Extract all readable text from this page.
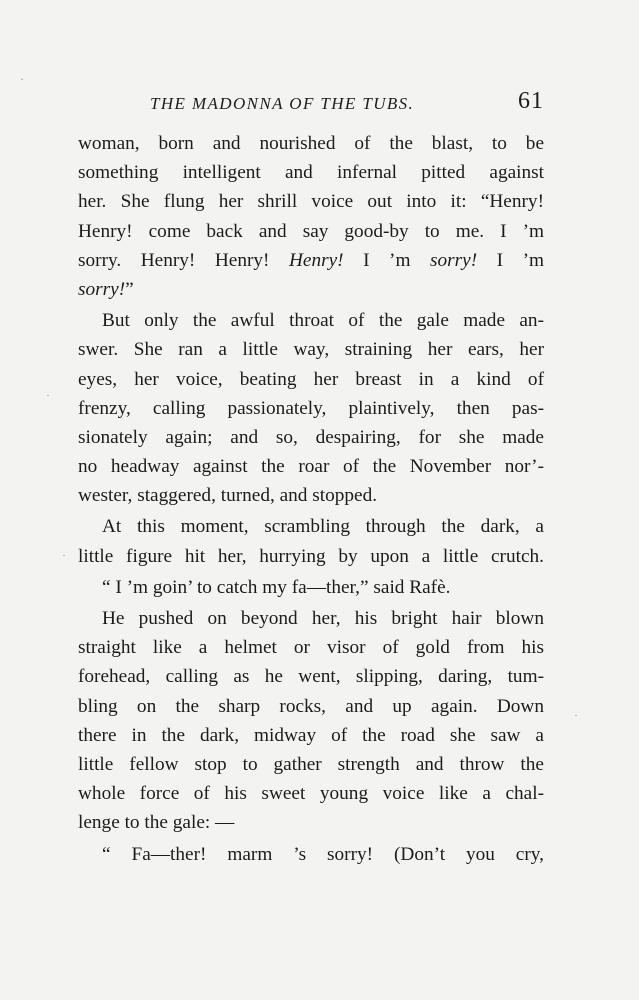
THE MADONNA OF THE TUBS.	61
woman, born and nourished of the blast, to be
something intelligent and infernal pitted against
her. She flung her shrill voice out into it: “Henry!
Henry! come back and say good-by to me. I ’m
sorry. Henry! Henry! Henry! I ’m sorry! I ’m
sorry!”
But only the awful throat of the gale made an-
swer. She ran a little way, straining her ears, her
eyes, her voice, beating her breast in a kind of
frenzy, calling passionately, plaintively, then pas-
sionately again; and so, despairing, for she made
no headway against the roar of the November nor’-
wester, staggered, turned, and stopped.
At this moment, scrambling through the dark, a
little figure hit her, hurrying by upon a little crutch.
“ I ’m goin’ to catch my fa—ther,” said Rafè.
He pushed on beyond her, his bright hair blown
straight like a helmet or visor of gold from his
forehead, calling as he went, slipping, daring, tum-
bling on the sharp rocks, and up again. Down
there in the dark, midway of the road she saw a
little fellow stop to gather strength and throw the
whole force of his sweet young voice like a chal-
lenge to the gale: —
“ Fa—ther! marm ’s sorry! (Don’t you cry,
·
·
·
·
